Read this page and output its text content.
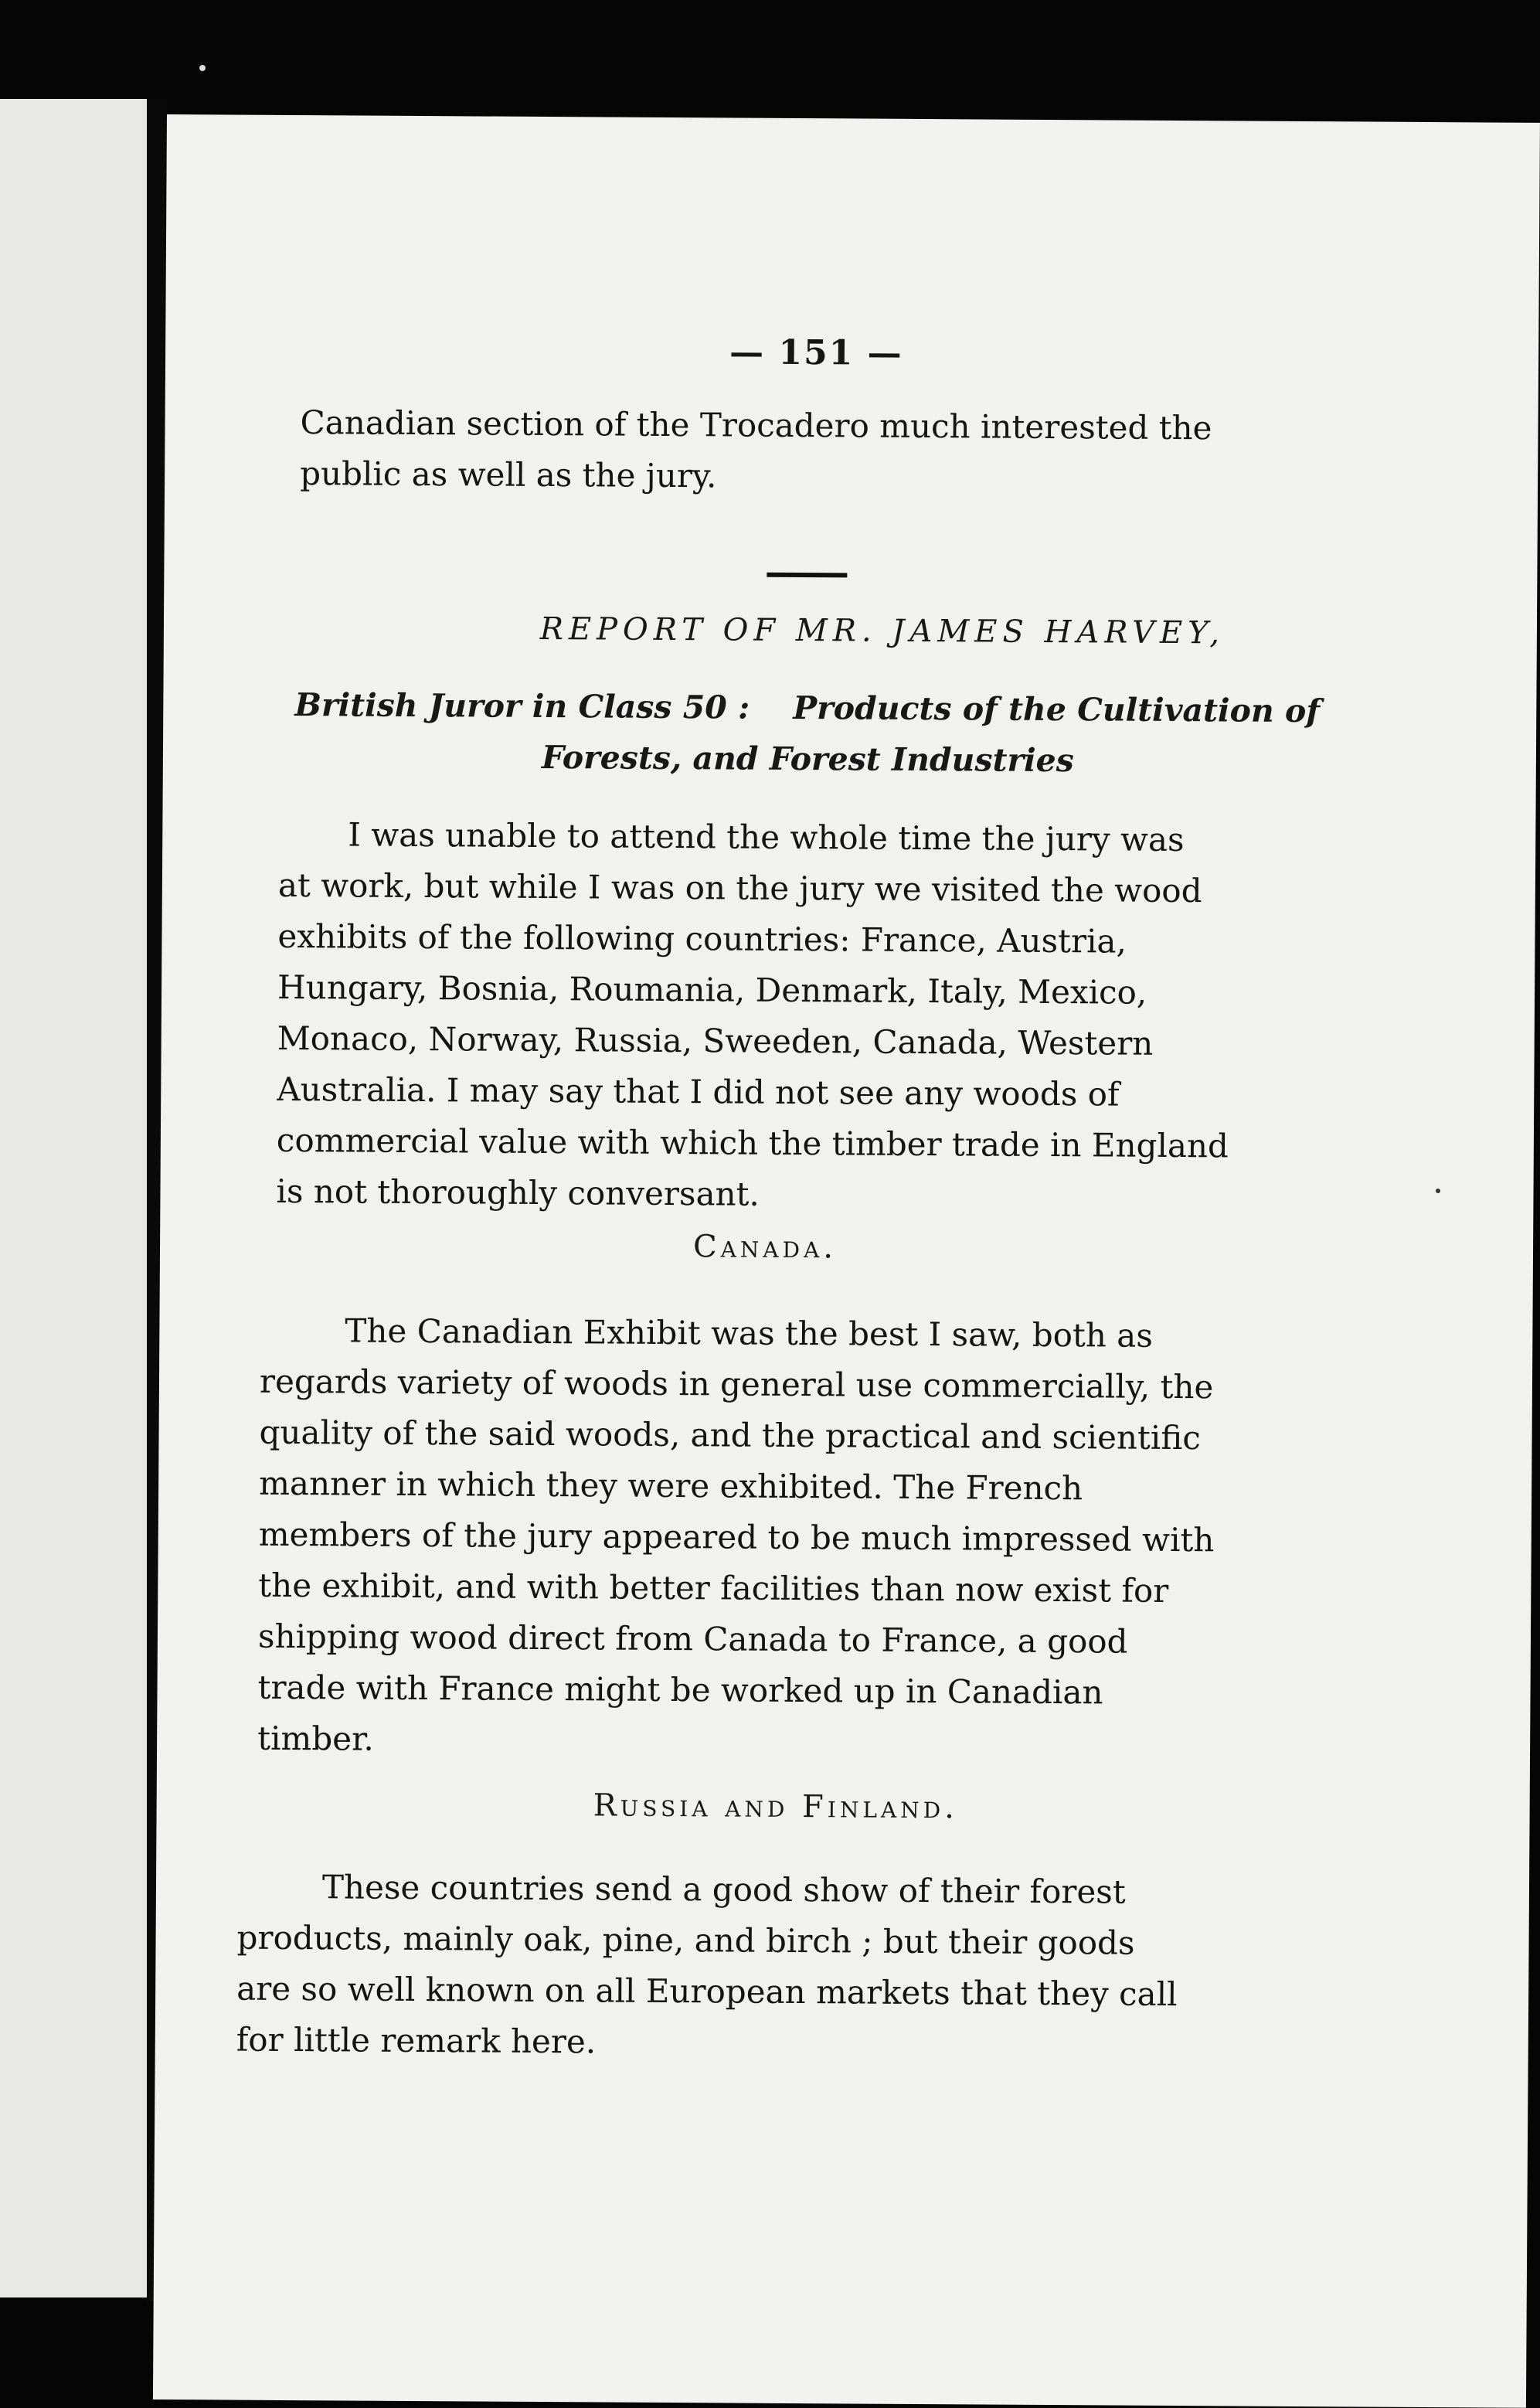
— 151 —
Canadian section of the Trocadero much interested the
public as well as the jury.
REPORT OF MR. JAMES HARVEY,
British Juror in Class 50 : Products of the Cultivation of
Forests, and Forest Industries
I was unable to attend the whole time the jury was
at work, but while I was on the jury we visited the wood
exhibits of the following countries: France, Austria,
Hungary, Bosnia, Roumania, Denmark, Italy, Mexico,
Monaco, Norway, Russia, Sweeden, Canada, Western
Australia. I may say that I did not see any woods of
commercial value with which the timber trade in England
is not thoroughly conversant.
Canada.
The Canadian Exhibit was the best I saw, both as
regards variety of woods in general use commercially, the
quality of the said woods, and the practical and scientific
manner in which they were exhibited. The French
members of the jury appeared to be much impressed with
the exhibit, and with better facilities than now exist for
shipping wood direct from Canada to France, a good
trade with France might be worked up in Canadian
timber.
Russia and Finland.
These countries send a good show of their forest
products, mainly oak, pine, and birch ; but their goods
are so well known on all European markets that they call
for little remark here.
